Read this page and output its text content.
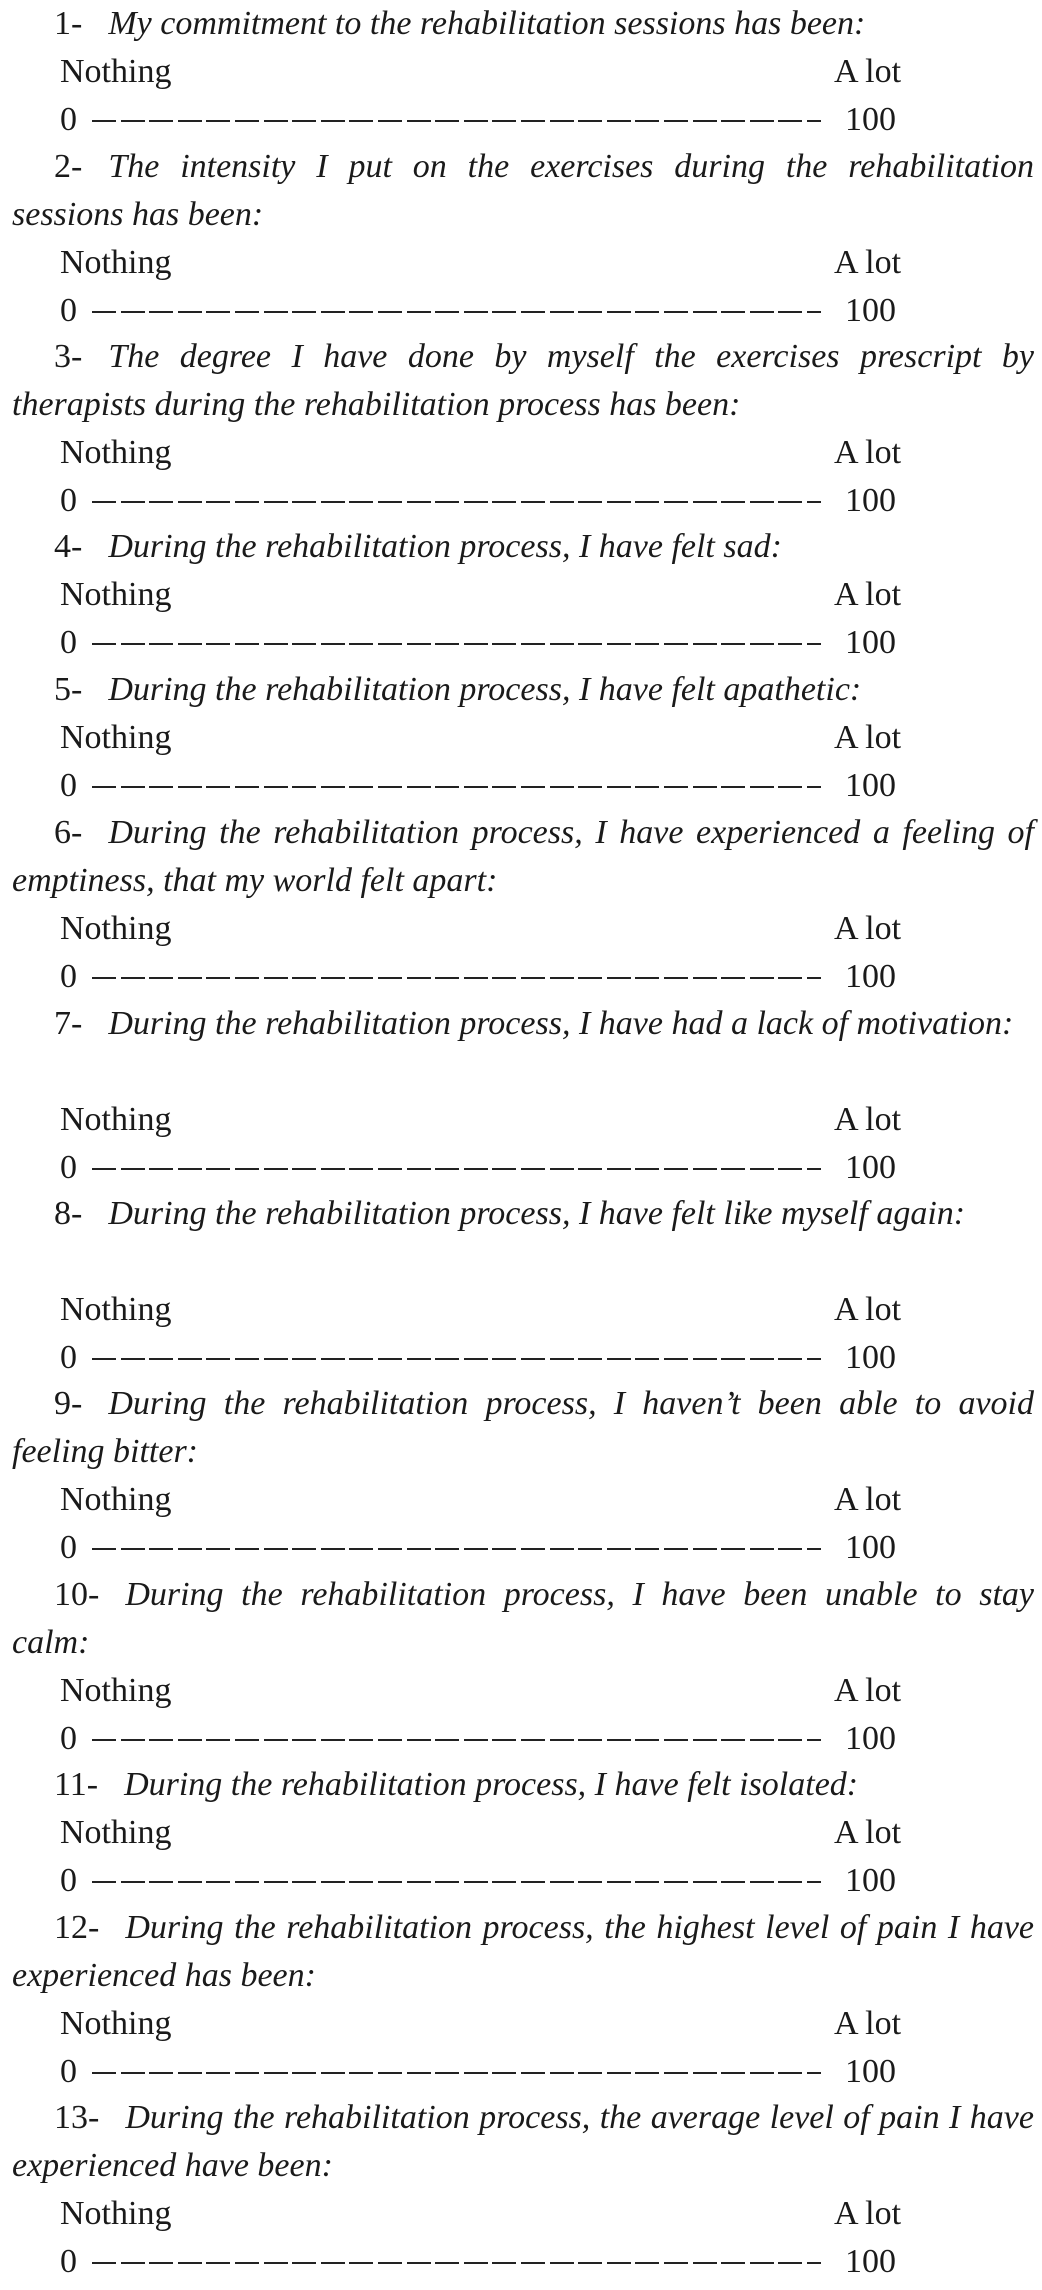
1- My commitment to the rehabilitation sessions has been:

Nothing	A lot
0	100

2- The intensity I put on the exercises during the rehabilitation sessions has been:

Nothing	A lot
0	100

3- The degree I have done by myself the exercises prescript by therapists during the rehabilitation process has been:

Nothing	A lot
0	100

4- During the rehabilitation process, I have felt sad:

Nothing	A lot
0	100

5- During the rehabilitation process, I have felt apathetic:

Nothing	A lot
0	100

6- During the rehabilitation process, I have experienced a feeling of emptiness, that my world felt apart:

Nothing	A lot
0	100

7- During the rehabilitation process, I have had a lack of motivation:

Nothing	A lot
0	100

8- During the rehabilitation process, I have felt like myself again:

Nothing	A lot
0	100

9- During the rehabilitation process, I haven’t been able to avoid feeling bitter:

Nothing	A lot
0	100

10- During the rehabilitation process, I have been unable to stay calm:

Nothing	A lot
0	100

11- During the rehabilitation process, I have felt isolated:

Nothing	A lot
0	100

12- During the rehabilitation process, the highest level of pain I have experienced has been:

Nothing	A lot
0	100

13- During the rehabilitation process, the average level of pain I have experienced have been:

Nothing	A lot
0	100
